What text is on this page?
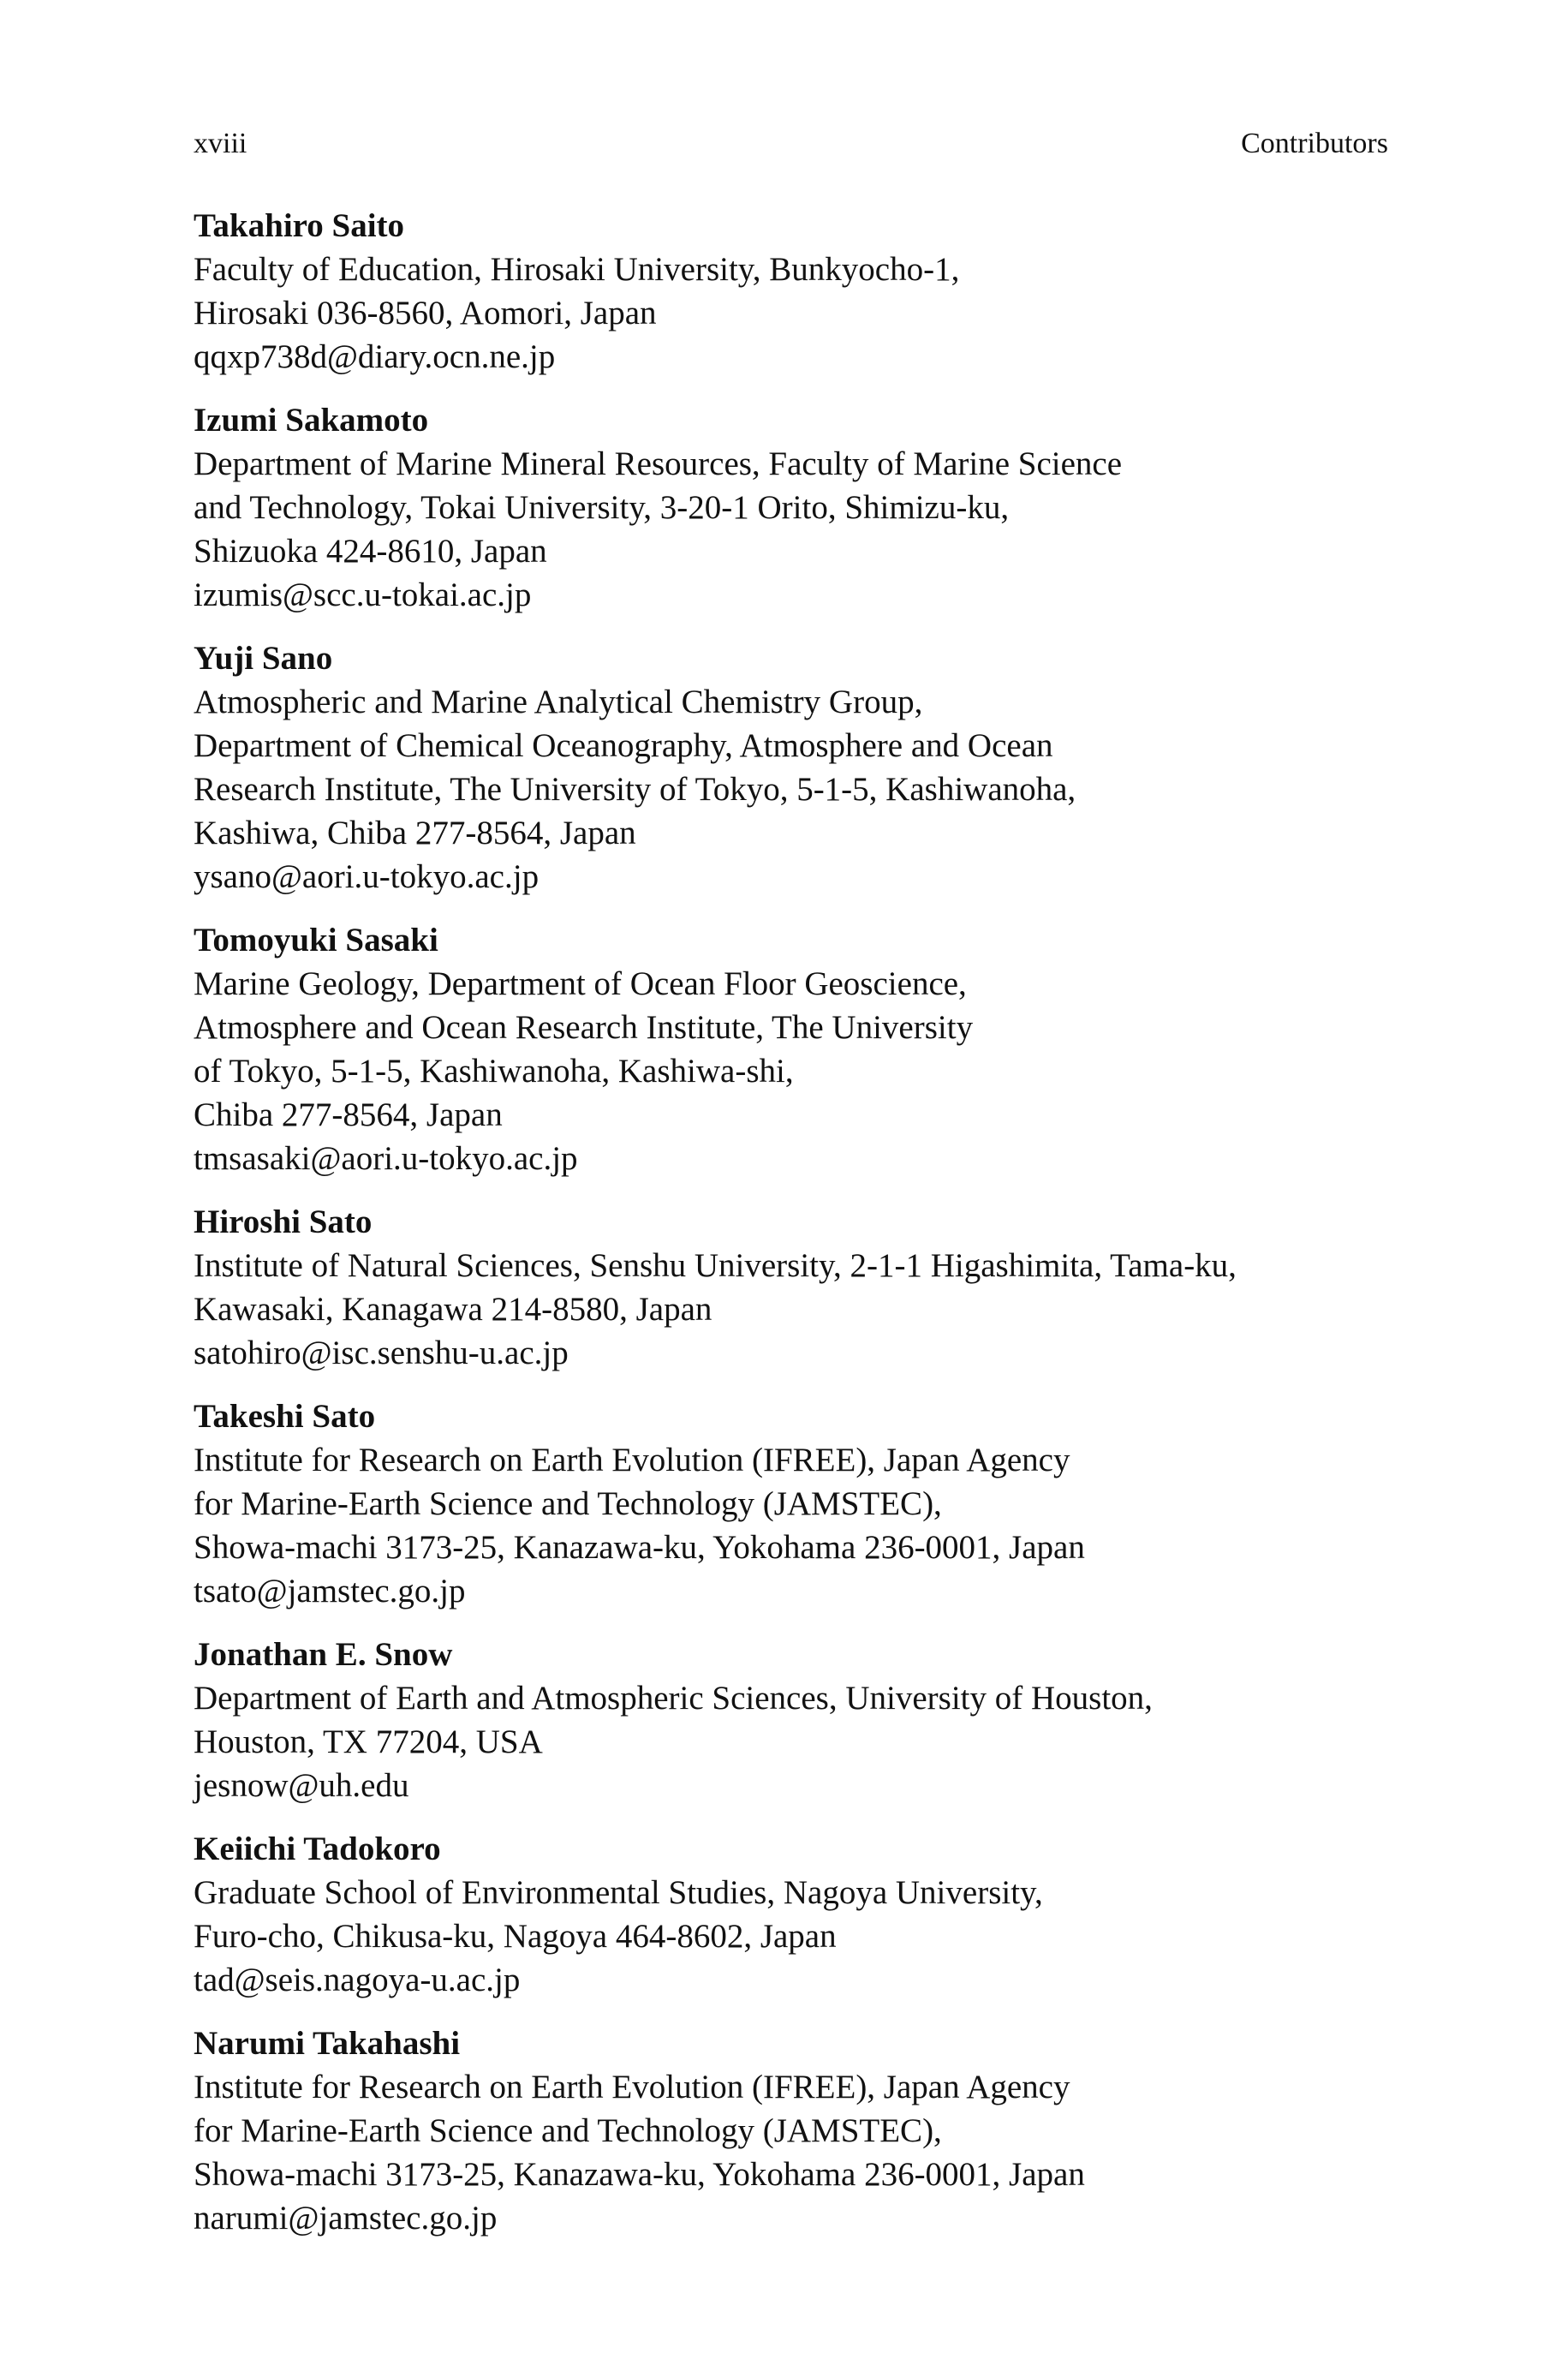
xviii	Contributors
Takahiro Saito
Faculty of Education, Hirosaki University, Bunkyocho-1,
Hirosaki 036-8560, Aomori, Japan
qqxp738d@diary.ocn.ne.jp
Izumi Sakamoto
Department of Marine Mineral Resources, Faculty of Marine Science
and Technology, Tokai University, 3-20-1 Orito, Shimizu-ku,
Shizuoka 424-8610, Japan
izumis@scc.u-tokai.ac.jp
Yuji Sano
Atmospheric and Marine Analytical Chemistry Group,
Department of Chemical Oceanography, Atmosphere and Ocean
Research Institute, The University of Tokyo, 5-1-5, Kashiwanoha,
Kashiwa, Chiba 277-8564, Japan
ysano@aori.u-tokyo.ac.jp
Tomoyuki Sasaki
Marine Geology, Department of Ocean Floor Geoscience,
Atmosphere and Ocean Research Institute, The University
of Tokyo, 5-1-5, Kashiwanoha, Kashiwa-shi,
Chiba 277-8564, Japan
tmsasaki@aori.u-tokyo.ac.jp
Hiroshi Sato
Institute of Natural Sciences, Senshu University, 2-1-1 Higashimita, Tama-ku,
Kawasaki, Kanagawa 214-8580, Japan
satohiro@isc.senshu-u.ac.jp
Takeshi Sato
Institute for Research on Earth Evolution (IFREE), Japan Agency
for Marine-Earth Science and Technology (JAMSTEC),
Showa-machi 3173-25, Kanazawa-ku, Yokohama 236-0001, Japan
tsato@jamstec.go.jp
Jonathan E. Snow
Department of Earth and Atmospheric Sciences, University of Houston,
Houston, TX 77204, USA
jesnow@uh.edu
Keiichi Tadokoro
Graduate School of Environmental Studies, Nagoya University,
Furo-cho, Chikusa-ku, Nagoya 464-8602, Japan
tad@seis.nagoya-u.ac.jp
Narumi Takahashi
Institute for Research on Earth Evolution (IFREE), Japan Agency
for Marine-Earth Science and Technology (JAMSTEC),
Showa-machi 3173-25, Kanazawa-ku, Yokohama 236-0001, Japan
narumi@jamstec.go.jp
